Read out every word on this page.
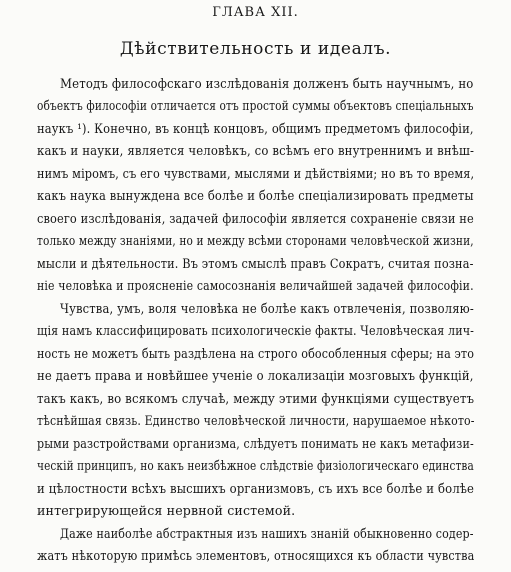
ГЛАВА XII.
Дѣйствительность и идеалъ.
Методъ философскаго изслѣдованія долженъ быть научнымъ, но
объектъ философіи отличается отъ простой суммы объектовъ спеціальныхъ
наукъ ¹). Конечно, въ концѣ концовъ, общимъ предметомъ философіи,
какъ и науки, является человѣкъ, со всѣмъ его внутреннимъ и внѣш-
нимъ міромъ, съ его чувствами, мыслями и дѣйствіями; но въ то время,
какъ наука вынуждена все болѣе и болѣе спеціализировать предметы
своего изслѣдованія, задачей философіи является сохраненіе связи не
только между знаніями, но и между всѣми сторонами человѣческой жизни,
мысли и дѣятельности. Въ этомъ смыслѣ правъ Сократъ, считая позна-
ніе человѣка и проясненіе самосознанія величайшей задачей философіи.
Чувства, умъ, воля человѣка не болѣе какъ отвлеченія, позволяю-
щія намъ классифицировать психологическіе факты. Человѣческая лич-
ность не можетъ быть раздѣлена на строго обособленныя сферы; на это
не даетъ права и новѣйшее ученіе о локализаціи мозговыхъ функцій,
такъ какъ, во всякомъ случаѣ, между этими функціями существуетъ
тѣснѣйшая связь. Единство человѣческой личности, нарушаемое нѣкото-
рыми разстройствами организма, слѣдуетъ понимать не какъ метафизи-
ческій принципъ, но какъ неизбѣжное слѣдствіе физіологическаго единства
и цѣлостности всѣхъ высшихъ организмовъ, съ ихъ все болѣе и болѣе
интегрирующейся нервной системой.
Даже наиболѣе абстрактныя изъ нашихъ знаній обыкновенно содер-
жатъ нѣкоторую примѣсь элементовъ, относящихся къ области чувства
